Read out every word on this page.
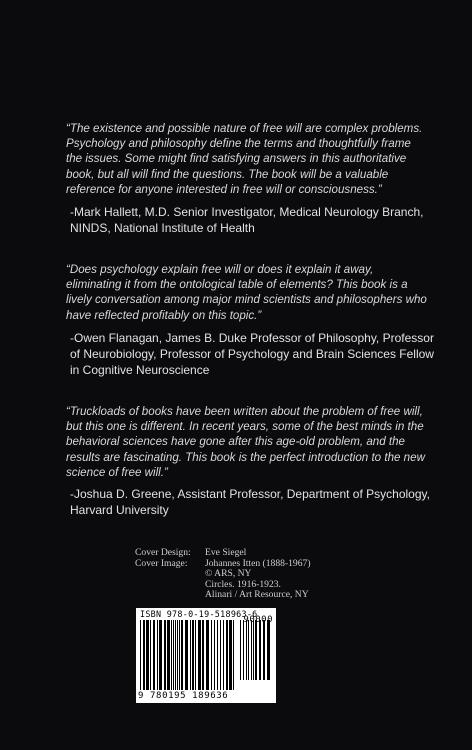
“The existence and possible nature of free will are complex problems. Psychology and philosophy define the terms and thoughtfully frame the issues. Some might find satisfying answers in this authoritative book, but all will find the questions. The book will be a valuable reference for anyone interested in free will or consciousness.”
-Mark Hallett, M.D. Senior Investigator, Medical Neurology Branch, NINDS, National Institute of Health
“Does psychology explain free will or does it explain it away, eliminating it from the ontological table of elements? This book is a lively conversation among major mind scientists and philosophers who have reflected profitably on this topic.”
-Owen Flanagan, James B. Duke Professor of Philosophy, Professor of Neurobiology, Professor of Psychology and Brain Sciences Fellow in Cognitive Neuroscience
“Truckloads of books have been written about the problem of free will, but this one is different. In recent years, some of the best minds in the behavioral sciences have gone after this age-old problem, and the results are fascinating. This book is the perfect introduction to the new science of free will.”
-Joshua D. Greene, Assistant Professor, Department of Psychology, Harvard University
Cover Design:	Eve Siegel
Cover Image:	Johannes Itten (1888-1967)
© ARS, NY
Circles. 1916-1923.
Alinari / Art Resource, NY
ISBN 978-0-19-518963-6
90000
9 780195 189636
